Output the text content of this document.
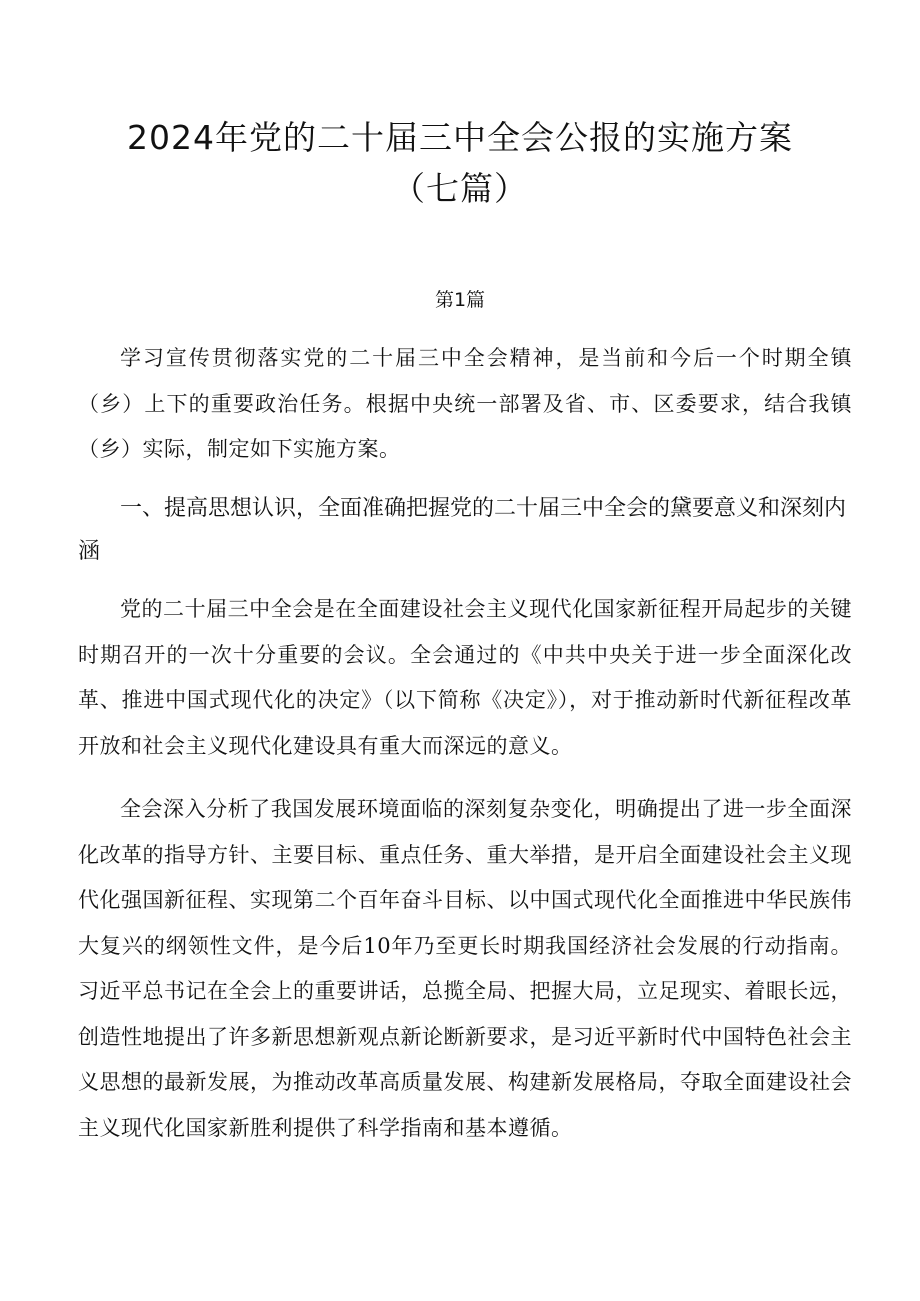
2024年党的二十届三中全会公报的实施方案（七篇）

第1篇

学习宣传贯彻落实党的二十届三中全会精神，是当前和今后一个时期全镇（乡）上下的重要政治任务。根据中央统一部署及省、市、区委要求，结合我镇（乡）实际，制定如下实施方案。

一、提高思想认识，全面准确把握党的二十届三中全会的黛要意义和深刻内涵

党的二十届三中全会是在全面建设社会主义现代化国家新征程开局起步的关键时期召开的一次十分重要的会议。全会通过的《中共中央关于进一步全面深化改革、推进中国式现代化的决定》（以下简称《决定》），对于推动新时代新征程改革开放和社会主义现代化建设具有重大而深远的意义。

全会深入分析了我国发展环境面临的深刻复杂变化，明确提出了进一步全面深化改革的指导方针、主要目标、重点任务、重大举措，是开启全面建设社会主义现代化强国新征程、实现第二个百年奋斗目标、以中国式现代化全面推进中华民族伟大复兴的纲领性文件，是今后10年乃至更长时期我国经济社会发展的行动指南。习近平总书记在全会上的重要讲话，总揽全局、把握大局，立足现实、着眼长远，创造性地提出了许多新思想新观点新论断新要求，是习近平新时代中国特色社会主义思想的最新发展，为推动改革高质量发展、构建新发展格局，夺取全面建设社会主义现代化国家新胜利提供了科学指南和基本遵循。
